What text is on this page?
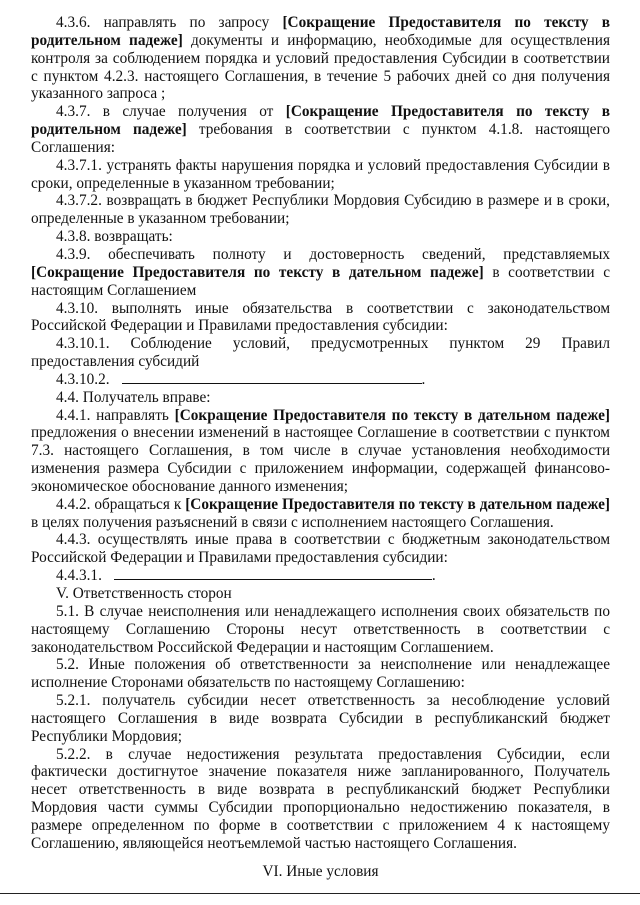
4.3.6. направлять по запросу [Сокращение Предоставителя по тексту в родительном падеже] документы и информацию, необходимые для осуществления контроля за соблюдением порядка и условий предоставления Субсидии в соответствии с пунктом 4.2.3. настоящего Соглашения, в течение 5 рабочих дней со дня получения указанного запроса ;

4.3.7. в случае получения от [Сокращение Предоставителя по тексту в родительном падеже] требования в соответствии с пунктом 4.1.8. настоящего Соглашения:

4.3.7.1. устранять факты нарушения порядка и условий предоставления Субсидии в сроки, определенные в указанном требовании;

4.3.7.2. возвращать в бюджет Республики Мордовия Субсидию в размере и в сроки, определенные в указанном требовании;

4.3.8. возвращать:

4.3.9. обеспечивать полноту и достоверность сведений, представляемых [Сокращение Предоставителя по тексту в дательном падеже] в соответствии с настоящим Соглашением

4.3.10. выполнять иные обязательства в соответствии с законодательством Российской Федерации и Правилами предоставления субсидии:

4.3.10.1. Соблюдение условий, предусмотренных пунктом 29 Правил предоставления субсидий

4.3.10.2.	.

4.4. Получатель вправе:

4.4.1. направлять [Сокращение Предоставителя по тексту в дательном падеже] предложения о внесении изменений в настоящее Соглашение в соответствии с пунктом 7.3. настоящего Соглашения, в том числе в случае установления необходимости изменения размера Субсидии с приложением информации, содержащей финансово-экономическое обоснование данного изменения;

4.4.2. обращаться к [Сокращение Предоставителя по тексту в дательном падеже] в целях получения разъяснений в связи с исполнением настоящего Соглашения.

4.4.3. осуществлять иные права в соответствии с бюджетным законодательством Российской Федерации и Правилами предоставления субсидии:

4.4.3.1.	.

V. Ответственность сторон

5.1. В случае неисполнения или ненадлежащего исполнения своих обязательств по настоящему Соглашению Стороны несут ответственность в соответствии с законодательством Российской Федерации и настоящим Соглашением.

5.2. Иные положения об ответственности за неисполнение или ненадлежащее исполнение Сторонами обязательств по настоящему Соглашению:

5.2.1. получатель субсидии несет ответственность за несоблюдение условий настоящего Соглашения в виде возврата Субсидии в республиканский бюджет Республики Мордовия;

5.2.2. в случае недостижения результата предоставления Субсидии, если фактически достигнутое значение показателя ниже запланированного, Получатель несет ответственность в виде возврата в республиканский бюджет Республики Мордовия части суммы Субсидии пропорционально недостижению показателя, в размере определенном по форме в соответствии с приложением 4 к настоящему Соглашению, являющейся неотъемлемой частью настоящего Соглашения.

VI. Иные условия
